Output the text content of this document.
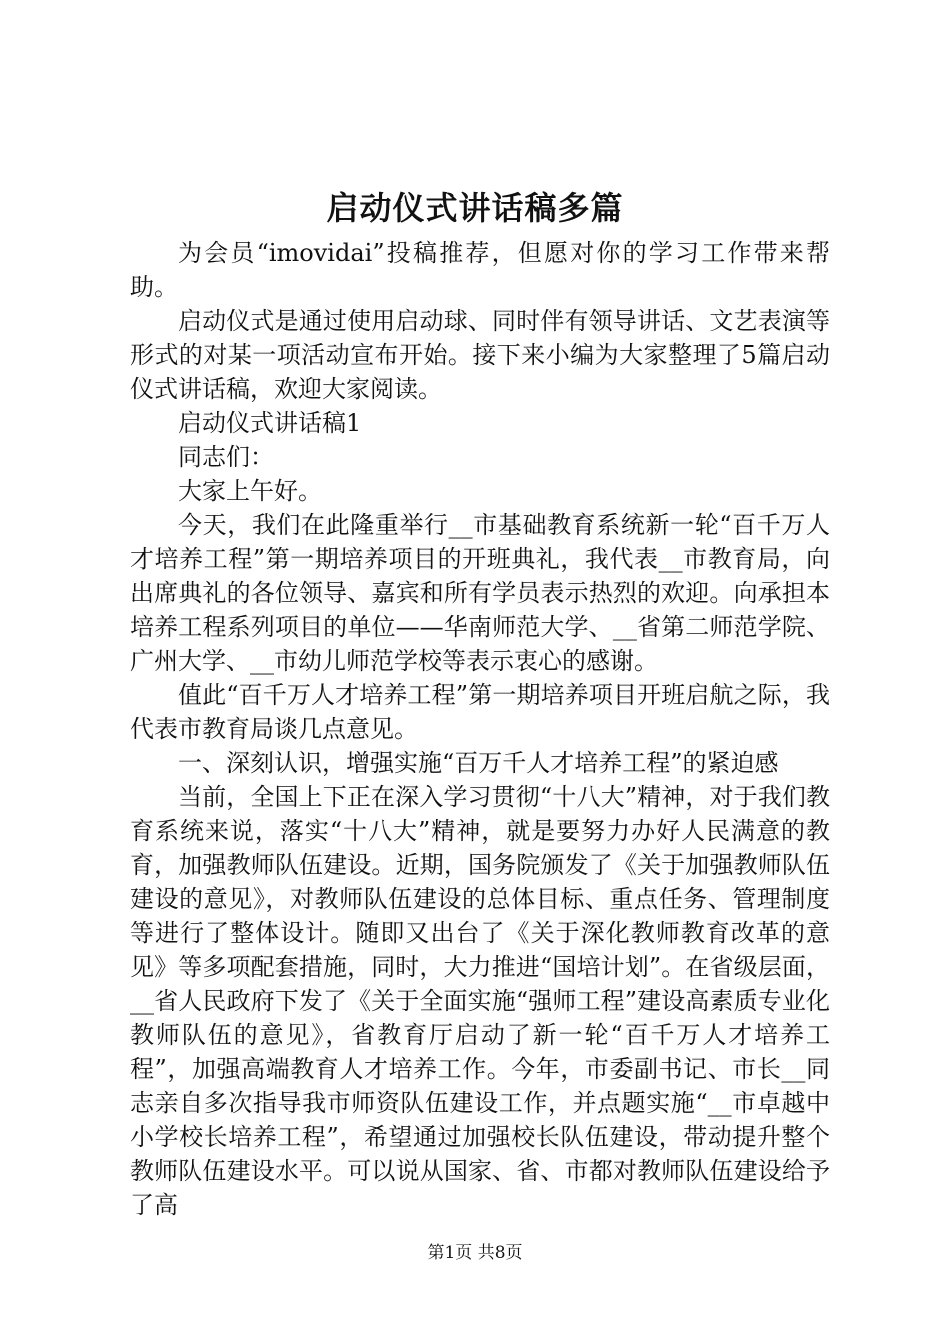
启动仪式讲话稿多篇

为会员“imovidai”投稿推荐，但愿对你的学习工作带来帮助。

启动仪式是通过使用启动球、同时伴有领导讲话、文艺表演等形式的对某一项活动宣布开始。接下来小编为大家整理了5篇启动仪式讲话稿，欢迎大家阅读。

启动仪式讲话稿1

同志们：

大家上午好。

今天，我们在此隆重举行__市基础教育系统新一轮“百千万人才培养工程”第一期培养项目的开班典礼，我代表__市教育局，向出席典礼的各位领导、嘉宾和所有学员表示热烈的欢迎。向承担本培养工程系列项目的单位——华南师范大学、__省第二师范学院、广州大学、__市幼儿师范学校等表示衷心的感谢。

值此“百千万人才培养工程”第一期培养项目开班启航之际，我代表市教育局谈几点意见。

一、深刻认识，增强实施“百万千人才培养工程”的紧迫感

当前，全国上下正在深入学习贯彻“十八大”精神，对于我们教育系统来说，落实“十八大”精神，就是要努力办好人民满意的教育，加强教师队伍建设。近期，国务院颁发了《关于加强教师队伍建设的意见》，对教师队伍建设的总体目标、重点任务、管理制度等进行了整体设计。随即又出台了《关于深化教师教育改革的意见》等多项配套措施，同时，大力推进“国培计划”。在省级层面，__省人民政府下发了《关于全面实施“强师工程”建设高素质专业化教师队伍的意见》，省教育厅启动了新一轮“百千万人才培养工程”，加强高端教育人才培养工作。今年，市委副书记、市长__同志亲自多次指导我市师资队伍建设工作，并点题实施“__市卓越中小学校长培养工程”，希望通过加强校长队伍建设，带动提升整个教师队伍建设水平。可以说从国家、省、市都对教师队伍建设给予了高

第1页 共8页
